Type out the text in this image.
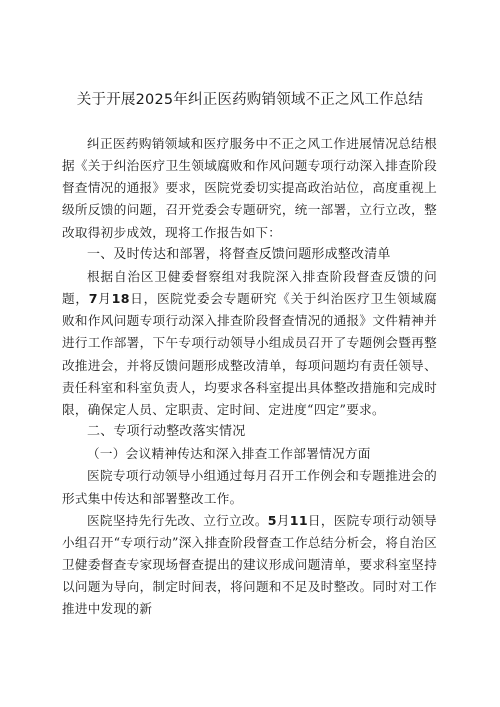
关于开展2025年纠正医药购销领域不正之风工作总结

纠正医药购销领域和医疗服务中不正之风工作进展情况总结根据《关于纠治医疗卫生领域腐败和作风问题专项行动深入排查阶段督查情况的通报》要求，医院党委切实提高政治站位，高度重视上级所反馈的问题，召开党委会专题研究，统一部署，立行立改，整改取得初步成效，现将工作报告如下：

一、及时传达和部署，将督查反馈问题形成整改清单

根据自治区卫健委督察组对我院深入排查阶段督查反馈的问题，7月18日，医院党委会专题研究《关于纠治医疗卫生领域腐败和作风问题专项行动深入排查阶段督查情况的通报》文件精神并进行工作部署，下午专项行动领导小组成员召开了专题例会暨再整改推进会，并将反馈问题形成整改清单，每项问题均有责任领导、责任科室和科室负责人，均要求各科室提出具体整改措施和完成时限，确保定人员、定职责、定时间、定进度“四定”要求。

二、专项行动整改落实情况

（一）会议精神传达和深入排查工作部署情况方面

医院专项行动领导小组通过每月召开工作例会和专题推进会的形式集中传达和部署整改工作。

医院坚持先行先改、立行立改。5月11日，医院专项行动领导小组召开“专项行动”深入排查阶段督查工作总结分析会，将自治区卫健委督查专家现场督查提出的建议形成问题清单，要求科室坚持以问题为导向，制定时间表，将问题和不足及时整改。同时对工作推进中发现的新
